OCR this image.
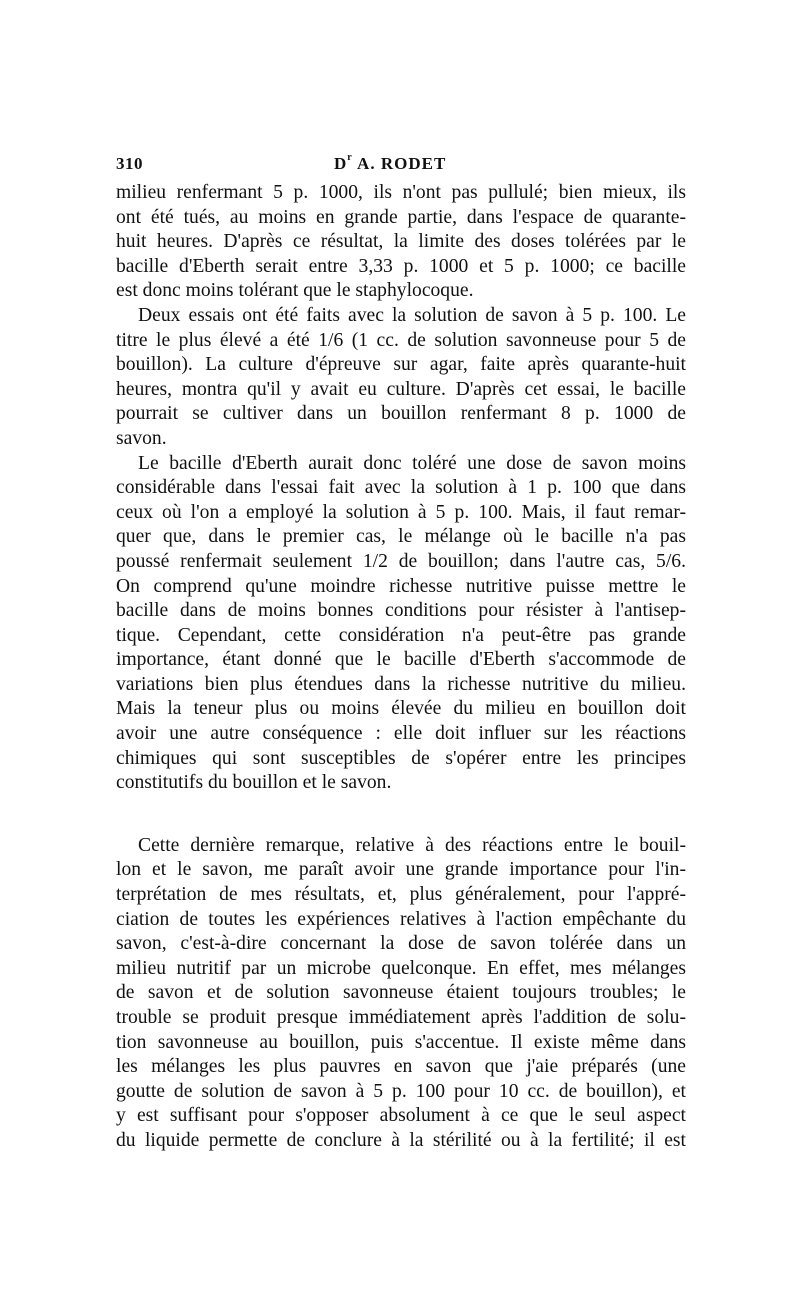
310	$D^r$ A. RODET
milieu renfermant 5 p. 1000, ils n'ont pas pullulé; bien mieux, ils
ont été tués, au moins en grande partie, dans l'espace de quarante-
huit heures. D'après ce résultat, la limite des doses tolérées par le
bacille d'Eberth serait entre 3,33 p. 1000 et 5 p. 1000; ce bacille
est donc moins tolérant que le staphylocoque.
Deux essais ont été faits avec la solution de savon à 5 p. 100. Le
titre le plus élevé a été 1/6 (1 cc. de solution savonneuse pour 5 de
bouillon). La culture d'épreuve sur agar, faite après quarante-huit
heures, montra qu'il y avait eu culture. D'après cet essai, le bacille
pourrait se cultiver dans un bouillon renfermant 8 p. 1000 de
savon.
Le bacille d'Eberth aurait donc toléré une dose de savon moins
considérable dans l'essai fait avec la solution à 1 p. 100 que dans
ceux où l'on a employé la solution à 5 p. 100. Mais, il faut remar-
quer que, dans le premier cas, le mélange où le bacille n'a pas
poussé renfermait seulement 1/2 de bouillon; dans l'autre cas, 5/6.
On comprend qu'une moindre richesse nutritive puisse mettre le
bacille dans de moins bonnes conditions pour résister à l'antisep-
tique. Cependant, cette considération n'a peut-être pas grande
importance, étant donné que le bacille d'Eberth s'accommode de
variations bien plus étendues dans la richesse nutritive du milieu.
Mais la teneur plus ou moins élevée du milieu en bouillon doit
avoir une autre conséquence : elle doit influer sur les réactions
chimiques qui sont susceptibles de s'opérer entre les principes
constitutifs du bouillon et le savon.
Cette dernière remarque, relative à des réactions entre le bouil-
lon et le savon, me paraît avoir une grande importance pour l'in-
terprétation de mes résultats, et, plus généralement, pour l'appré-
ciation de toutes les expériences relatives à l'action empêchante du
savon, c'est-à-dire concernant la dose de savon tolérée dans un
milieu nutritif par un microbe quelconque. En effet, mes mélanges
de savon et de solution savonneuse étaient toujours troubles; le
trouble se produit presque immédiatement après l'addition de solu-
tion savonneuse au bouillon, puis s'accentue. Il existe même dans
les mélanges les plus pauvres en savon que j'aie préparés (une
goutte de solution de savon à 5 p. 100 pour 10 cc. de bouillon), et
y est suffisant pour s'opposer absolument à ce que le seul aspect
du liquide permette de conclure à la stérilité ou à la fertilité; il est
